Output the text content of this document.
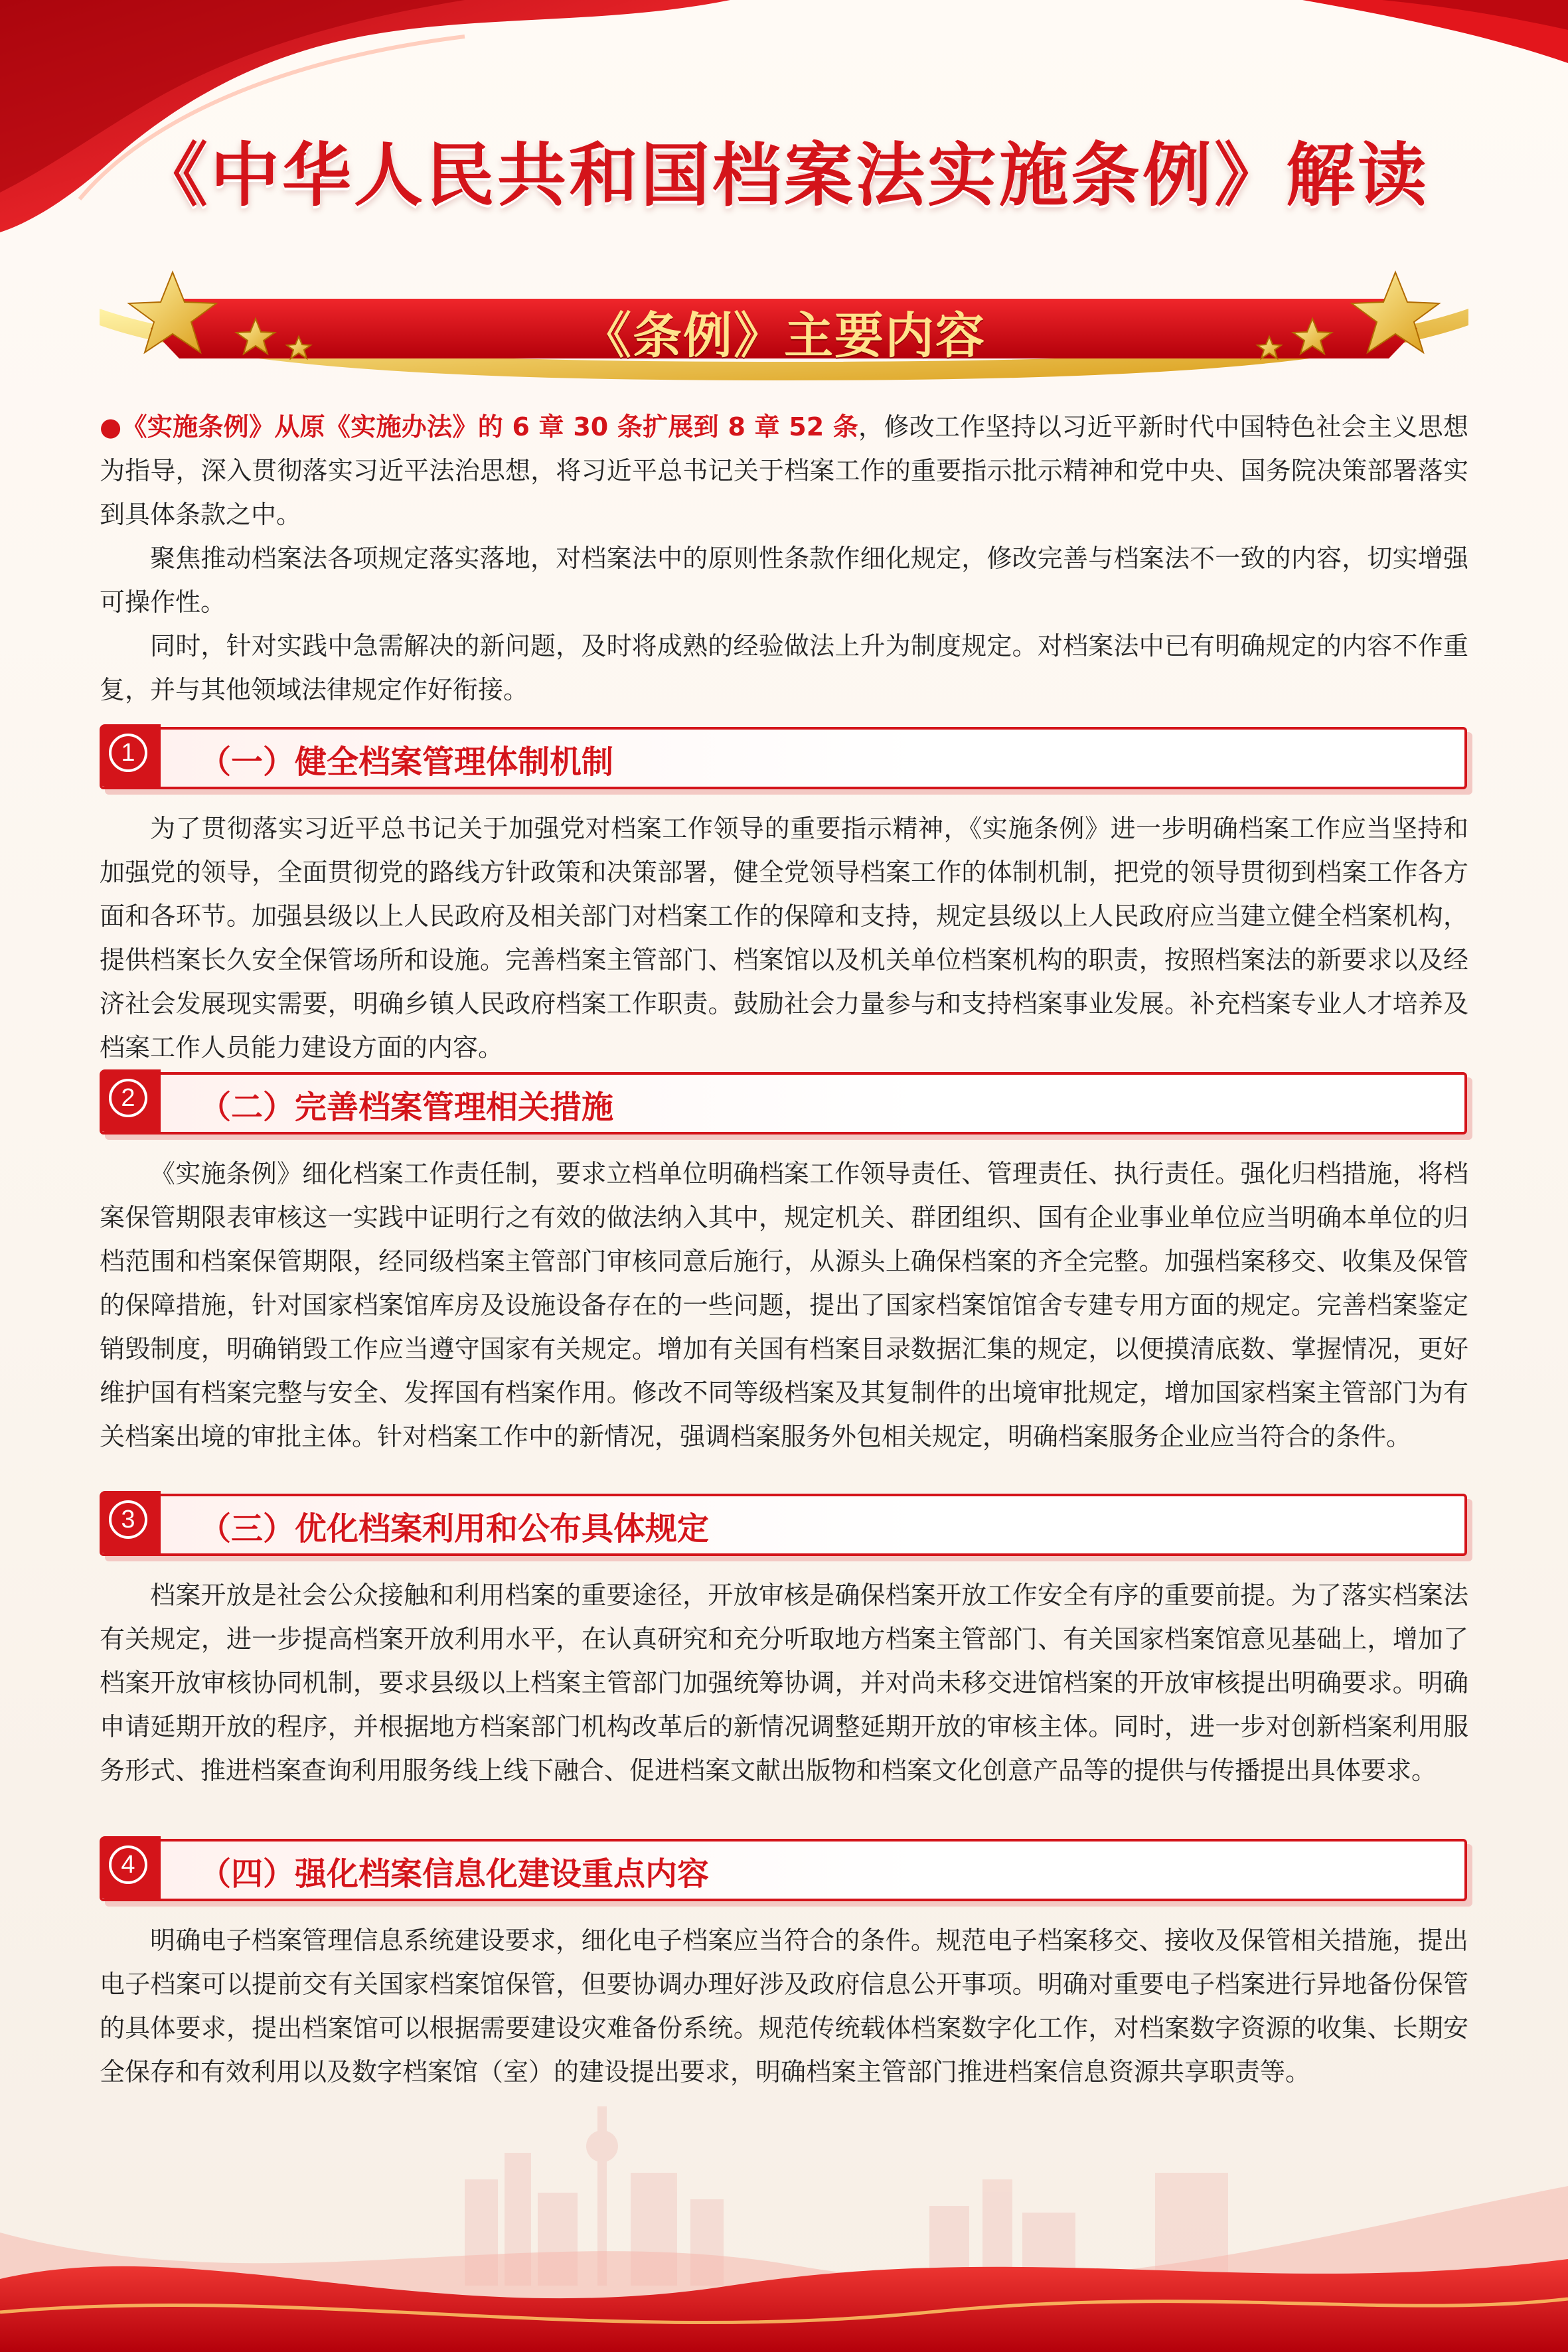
《中华人民共和国档案法实施条例》解读
《条例》主要内容

●《实施条例》从原《实施办法》的 6 章 30 条扩展到 8 章 52 条，修改工作坚持以习近平新时代中国特色社会主义思想为指导，深入贯彻落实习近平法治思想，将习近平总书记关于档案工作的重要指示批示精神和党中央、国务院决策部署落实到具体条款之中。

聚焦推动档案法各项规定落实落地，对档案法中的原则性条款作细化规定，修改完善与档案法不一致的内容，切实增强可操作性。

同时，针对实践中急需解决的新问题，及时将成熟的经验做法上升为制度规定。对档案法中已有明确规定的内容不作重复，并与其他领域法律规定作好衔接。

1	（一）健全档案管理体制机制

为了贯彻落实习近平总书记关于加强党对档案工作领导的重要指示精神，《实施条例》进一步明确档案工作应当坚持和加强党的领导，全面贯彻党的路线方针政策和决策部署，健全党领导档案工作的体制机制，把党的领导贯彻到档案工作各方面和各环节。加强县级以上人民政府及相关部门对档案工作的保障和支持，规定县级以上人民政府应当建立健全档案机构，提供档案长久安全保管场所和设施。完善档案主管部门、档案馆以及机关单位档案机构的职责，按照档案法的新要求以及经济社会发展现实需要，明确乡镇人民政府档案工作职责。鼓励社会力量参与和支持档案事业发展。补充档案专业人才培养及档案工作人员能力建设方面的内容。

2	（二）完善档案管理相关措施

《实施条例》细化档案工作责任制，要求立档单位明确档案工作领导责任、管理责任、执行责任。强化归档措施，将档案保管期限表审核这一实践中证明行之有效的做法纳入其中，规定机关、群团组织、国有企业事业单位应当明确本单位的归档范围和档案保管期限，经同级档案主管部门审核同意后施行，从源头上确保档案的齐全完整。加强档案移交、收集及保管的保障措施，针对国家档案馆库房及设施设备存在的一些问题，提出了国家档案馆馆舍专建专用方面的规定。完善档案鉴定销毁制度，明确销毁工作应当遵守国家有关规定。增加有关国有档案目录数据汇集的规定，以便摸清底数、掌握情况，更好维护国有档案完整与安全、发挥国有档案作用。修改不同等级档案及其复制件的出境审批规定，增加国家档案主管部门为有关档案出境的审批主体。针对档案工作中的新情况，强调档案服务外包相关规定，明确档案服务企业应当符合的条件。

3	（三）优化档案利用和公布具体规定

档案开放是社会公众接触和利用档案的重要途径，开放审核是确保档案开放工作安全有序的重要前提。为了落实档案法有关规定，进一步提高档案开放利用水平，在认真研究和充分听取地方档案主管部门、有关国家档案馆意见基础上，增加了档案开放审核协同机制，要求县级以上档案主管部门加强统筹协调，并对尚未移交进馆档案的开放审核提出明确要求。明确申请延期开放的程序，并根据地方档案部门机构改革后的新情况调整延期开放的审核主体。同时，进一步对创新档案利用服务形式、推进档案查询利用服务线上线下融合、促进档案文献出版物和档案文化创意产品等的提供与传播提出具体要求。

4	（四）强化档案信息化建设重点内容

明确电子档案管理信息系统建设要求，细化电子档案应当符合的条件。规范电子档案移交、接收及保管相关措施，提出电子档案可以提前交有关国家档案馆保管，但要协调办理好涉及政府信息公开事项。明确对重要电子档案进行异地备份保管的具体要求，提出档案馆可以根据需要建设灾难备份系统。规范传统载体档案数字化工作，对档案数字资源的收集、长期安全保存和有效利用以及数字档案馆（室）的建设提出要求，明确档案主管部门推进档案信息资源共享职责等。
